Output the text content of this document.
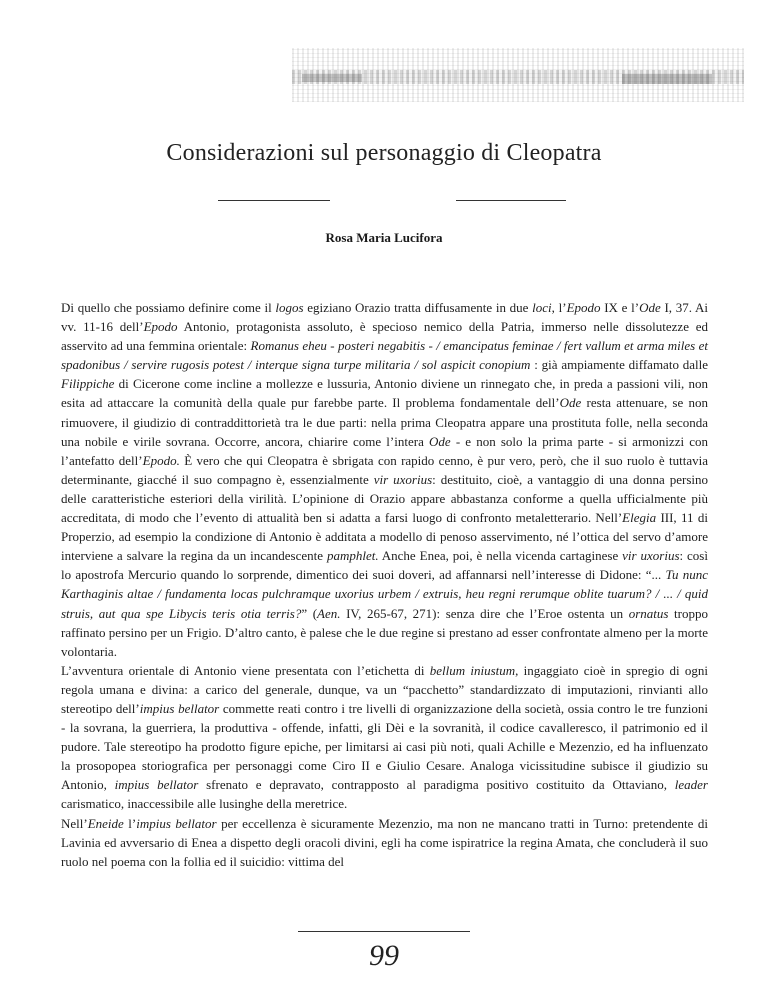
Considerazioni sul personaggio di Cleopatra
Rosa Maria Lucifora

Di quello che possiamo definire come il logos egiziano Orazio tratta diffusamente in due loci, l’Epodo IX e l’Ode I, 37. Ai vv. 11-16 dell’Epodo Antonio, protagonista assoluto, è specioso nemico della Patria, immerso nelle dissolutezze ed asservito ad una femmina orientale: Romanus eheu - posteri negabitis - / emancipatus feminae / fert vallum et arma miles et spadonibus / servire rugosis potest / interque signa turpe militaria / sol aspicit conopium : già ampiamente diffamato dalle Filippiche di Cicerone come incline a mollezze e lussuria, Antonio diviene un rinnegato che, in preda a passioni vili, non esita ad attaccare la comunità della quale pur farebbe parte. Il problema fondamentale dell’Ode resta attenuare, se non rimuovere, il giudizio di contraddittorietà tra le due parti: nella prima Cleopatra appare una prostituta folle, nella seconda una nobile e virile sovrana. Occorre, ancora, chiarire come l’intera Ode - e non solo la prima parte - si armonizzi con l’antefatto dell’Epodo. È vero che qui Cleopatra è sbrigata con rapido cenno, è pur vero, però, che il suo ruolo è tuttavia determinante, giacché il suo compagno è, essenzialmente vir uxorius: destituito, cioè, a vantaggio di una donna persino delle caratteristiche esteriori della virilità. L’opinione di Orazio appare abbastanza conforme a quella ufficialmente più accreditata, di modo che l’evento di attualità ben si adatta a farsi luogo di confronto metaletterario. Nell’Elegia III, 11 di Properzio, ad esempio la condizione di Antonio è additata a modello di penoso asservimento, né l’ottica del servo d’amore interviene a salvare la regina da un incandescente pamphlet. Anche Enea, poi, è nella vicenda cartaginese vir uxorius: così lo apostrofa Mercurio quando lo sorprende, dimentico dei suoi doveri, ad affannarsi nell’interesse di Didone: “... Tu nunc Karthaginis altae / fundamenta locas pulchramque uxorius urbem / extruis, heu regni rerumque oblite tuarum? / ... / quid struis, aut qua spe Libycis teris otia terris?” (Aen. IV, 265-67, 271): senza dire che l’Eroe ostenta un ornatus troppo raffinato persino per un Frigio. D’altro canto, è palese che le due regine si prestano ad esser confrontate almeno per la morte volontaria.

L’avventura orientale di Antonio viene presentata con l’etichetta di bellum iniustum, ingaggiato cioè in spregio di ogni regola umana e divina: a carico del generale, dunque, va un “pacchetto” standardizzato di imputazioni, rinvianti allo stereotipo dell’impius bellator commette reati contro i tre livelli di organizzazione della società, ossia contro le tre funzioni - la sovrana, la guerriera, la produttiva - offende, infatti, gli Dèi e la sovranità, il codice cavalleresco, il patrimonio ed il pudore. Tale stereotipo ha prodotto figure epiche, per limitarsi ai casi più noti, quali Achille e Mezenzio, ed ha influenzato la prosopopea storiografica per personaggi come Ciro II e Giulio Cesare. Analoga vicissitudine subisce il giudizio su Antonio, impius bellator sfrenato e depravato, contrapposto al paradigma positivo costituito da Ottaviano, leader carismatico, inaccessibile alle lusinghe della meretrice.

Nell’Eneide l’impius bellator per eccellenza è sicuramente Mezenzio, ma non ne mancano tratti in Turno: pretendente di Lavinia ed avversario di Enea a dispetto degli oracoli divini, egli ha come ispiratrice la regina Amata, che concluderà il suo ruolo nel poema con la follia ed il suicidio: vittima del

99
